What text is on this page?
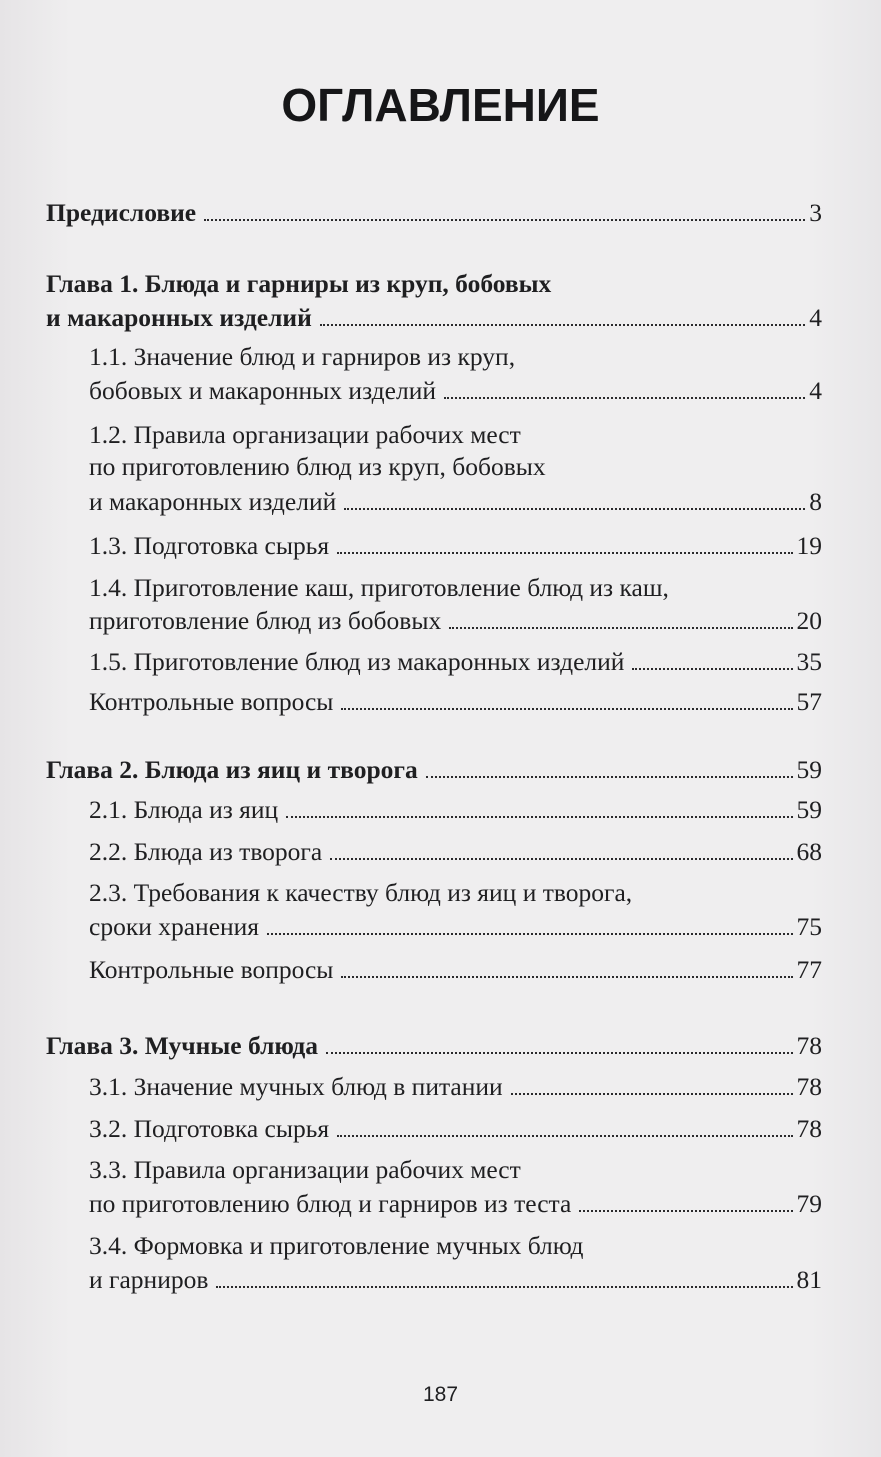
ОГЛАВЛЕНИЕ
Предисловие	3
Глава 1. Блюда и гарниры из круп, бобовых
и макаронных изделий	4
1.1. Значение блюд и гарниров из круп,
бобовых и макаронных изделий	4
1.2. Правила организации рабочих мест
по приготовлению блюд из круп, бобовых
и макаронных изделий	8
1.3. Подготовка сырья	19
1.4. Приготовление каш, приготовление блюд из каш,
приготовление блюд из бобовых	20
1.5. Приготовление блюд из макаронных изделий	35
Контрольные вопросы	57
Глава 2. Блюда из яиц и творога	59
2.1. Блюда из яиц	59
2.2. Блюда из творога	68
2.3. Требования к качеству блюд из яиц и творога,
сроки хранения	75
Контрольные вопросы	77
Глава 3. Мучные блюда	78
3.1. Значение мучных блюд в питании	78
3.2. Подготовка сырья	78
3.3. Правила организации рабочих мест
по приготовлению блюд и гарниров из теста	79
3.4. Формовка и приготовление мучных блюд
и гарниров	81
187
